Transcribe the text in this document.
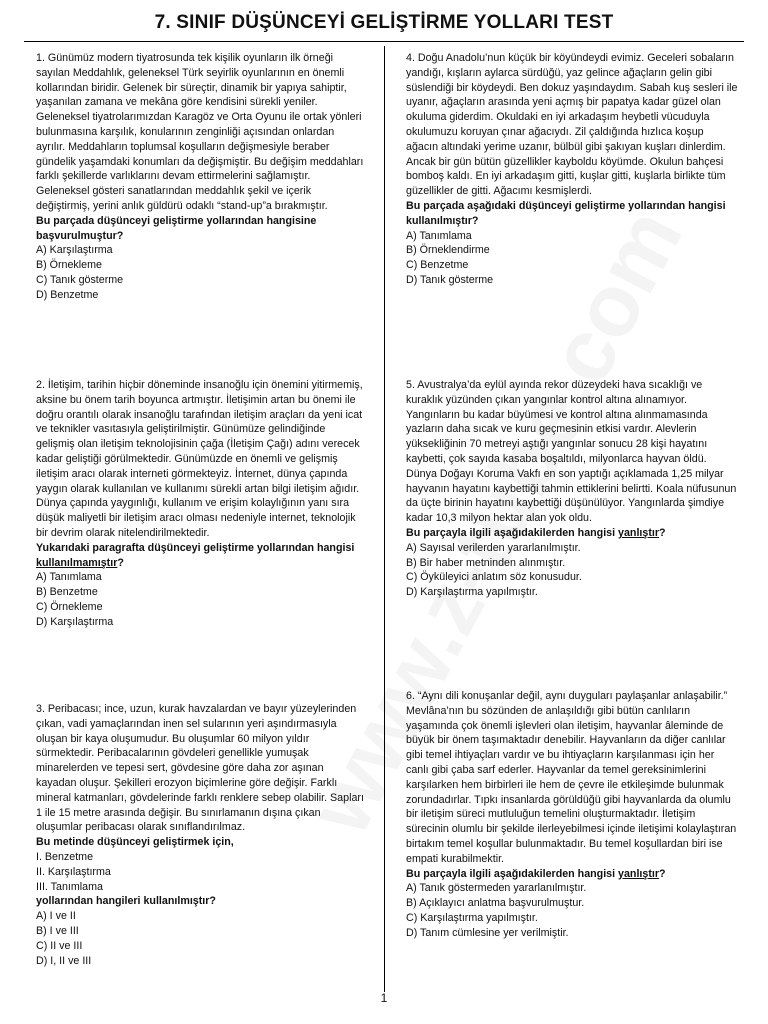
7. SINIF DÜŞÜNCEYİ GELİŞTİRME YOLLARI TEST

1. Günümüz modern tiyatrosunda tek kişilik oyunların ilk örneği sayılan Meddahlık, geleneksel Türk seyirlik oyunlarının en önemli kollarından biridir. Gelenek bir süreçtir, dinamik bir yapıya sahiptir, yaşanılan zamana ve mekâna göre kendisini sürekli yeniler. Geleneksel tiyatrolarımızdan Karagöz ve Orta Oyunu ile ortak yönleri bulunmasına karşılık, konularının zenginliği açısından onlardan ayrılır. Meddahların toplumsal koşulların değişmesiyle beraber gündelik yaşamdaki konumları da değişmiştir. Bu değişim meddahları farklı şekillerde varlıklarını devam ettirmelerini sağlamıştır. Geleneksel gösteri sanatlarından meddahlık şekil ve içerik değiştirmiş, yerini anlık güldürü odaklı “stand-up”a bırakmıştır.

Bu parçada düşünceyi geliştirme yollarından hangisine başvurulmuştur?

A) Karşılaştırma

B) Örnekleme

C) Tanık gösterme

D) Benzetme

2. İletişim, tarihin hiçbir döneminde insanoğlu için önemini yitirmemiş, aksine bu önem tarih boyunca artmıştır. İletişimin artan bu önemi ile doğru orantılı olarak insanoğlu tarafından iletişim araçları da yeni icat ve teknikler vasıtasıyla geliştirilmiştir. Günümüze gelindiğinde gelişmiş olan iletişim teknolojisinin çağa (İletişim Çağı) adını verecek kadar geliştiği görülmektedir. Günümüzde en önemli ve gelişmiş iletişim aracı olarak interneti görmekteyiz. İnternet, dünya çapında yaygın olarak kullanılan ve kullanımı sürekli artan bilgi iletişim ağıdır. Dünya çapında yaygınlığı, kullanım ve erişim kolaylığının yanı sıra düşük maliyetli bir iletişim aracı olması nedeniyle internet, teknolojik bir devrim olarak nitelendirilmektedir.

Yukarıdaki paragrafta düşünceyi geliştirme yollarından hangisi kullanılmamıştır?

A) Tanımlama

B) Benzetme

C) Örnekleme

D) Karşılaştırma

3. Peribacası; ince, uzun, kurak havzalardan ve bayır yüzeylerinden çıkan, vadi yamaçlarından inen sel sularının yeri aşındırmasıyla oluşan bir kaya oluşumudur. Bu oluşumlar 60 milyon yıldır sürmektedir. Peribacalarının gövdeleri genellikle yumuşak minarelerden ve tepesi sert, gövdesine göre daha zor aşınan kayadan oluşur. Şekilleri erozyon biçimlerine göre değişir. Farklı mineral katmanları, gövdelerinde farklı renklere sebep olabilir. Sapları 1 ile 15 metre arasında değişir. Bu sınırlamanın dışına çıkan oluşumlar peribacası olarak sınıflandırılmaz.

Bu metinde düşünceyi geliştirmek için,

I. Benzetme

II. Karşılaştırma

III. Tanımlama

yollarından hangileri kullanılmıştır?

A) I ve II

B) I ve III

C) II ve III

D) I, II ve III

4. Doğu Anadolu’nun küçük bir köyündeydi evimiz. Geceleri sobaların yandığı, kışların aylarca sürdüğü, yaz gelince ağaçların gelin gibi süslendiği bir köydeydi. Ben dokuz yaşındaydım. Sabah kuş sesleri ile uyanır, ağaçların arasında yeni açmış bir papatya kadar güzel olan okuluma giderdim. Okuldaki en iyi arkadaşım heybetli vücuduyla okulumuzu koruyan çınar ağacıydı. Zil çaldığında hızlıca koşup ağacın altındaki yerime uzanır, bülbül gibi şakıyan kuşları dinlerdim. Ancak bir gün bütün güzellikler kayboldu köyümde. Okulun bahçesi bomboş kaldı. En iyi arkadaşım gitti, kuşlar gitti, kuşlarla birlikte tüm güzellikler de gitti. Ağacımı kesmişlerdi.

Bu parçada aşağıdaki düşünceyi geliştirme yollarından hangisi kullanılmıştır?

A) Tanımlama

B) Örneklendirme

C) Benzetme

D) Tanık gösterme

5. Avustralya’da eylül ayında rekor düzeydeki hava sıcaklığı ve kuraklık yüzünden çıkan yangınlar kontrol altına alınamıyor. Yangınların bu kadar büyümesi ve kontrol altına alınmamasında yazların daha sıcak ve kuru geçmesinin etkisi vardır. Alevlerin yüksekliğinin 70 metreyi aştığı yangınlar sonucu 28 kişi hayatını kaybetti, çok sayıda kasaba boşaltıldı, milyonlarca hayvan öldü. Dünya Doğayı Koruma Vakfı en son yaptığı açıklamada 1,25 milyar hayvanın hayatını kaybettiği tahmin ettiklerini belirtti. Koala nüfusunun da üçte birinin hayatını kaybettiği düşünülüyor. Yangınlarda şimdiye kadar 10,3 milyon hektar alan yok oldu.

Bu parçayla ilgili aşağıdakilerden hangisi yanlıştır?

A) Sayısal verilerden yararlanılmıştır.

B) Bir haber metninden alınmıştır.

C) Öyküleyici anlatım söz konusudur.

D) Karşılaştırma yapılmıştır.

6. “Aynı dili konuşanlar değil, aynı duyguları paylaşanlar anlaşabilir.” Mevlâna’nın bu sözünden de anlaşıldığı gibi bütün canlıların yaşamında çok önemli işlevleri olan iletişim, hayvanlar âleminde de büyük bir önem taşımaktadır denebilir. Hayvanların da diğer canlılar gibi temel ihtiyaçları vardır ve bu ihtiyaçların karşılanması için her canlı gibi çaba sarf ederler. Hayvanlar da temel gereksinimlerini karşılarken hem birbirleri ile hem de çevre ile etkileşimde bulunmak zorundadırlar. Tıpkı insanlarda görüldüğü gibi hayvanlarda da olumlu bir iletişim süreci mutluluğun temelini oluşturmaktadır. İletişim sürecinin olumlu bir şekilde ilerleyebilmesi içinde iletişimi kolaylaştıran birtakım temel koşullar bulunmaktadır. Bu temel koşullardan biri ise empati kurabilmektir.

Bu parçayla ilgili aşağıdakilerden hangisi yanlıştır?

A) Tanık göstermeden yararlanılmıştır.

B) Açıklayıcı anlatma başvurulmuştur.

C) Karşılaştırma yapılmıştır.

D) Tanım cümlesine yer verilmiştir.

1
